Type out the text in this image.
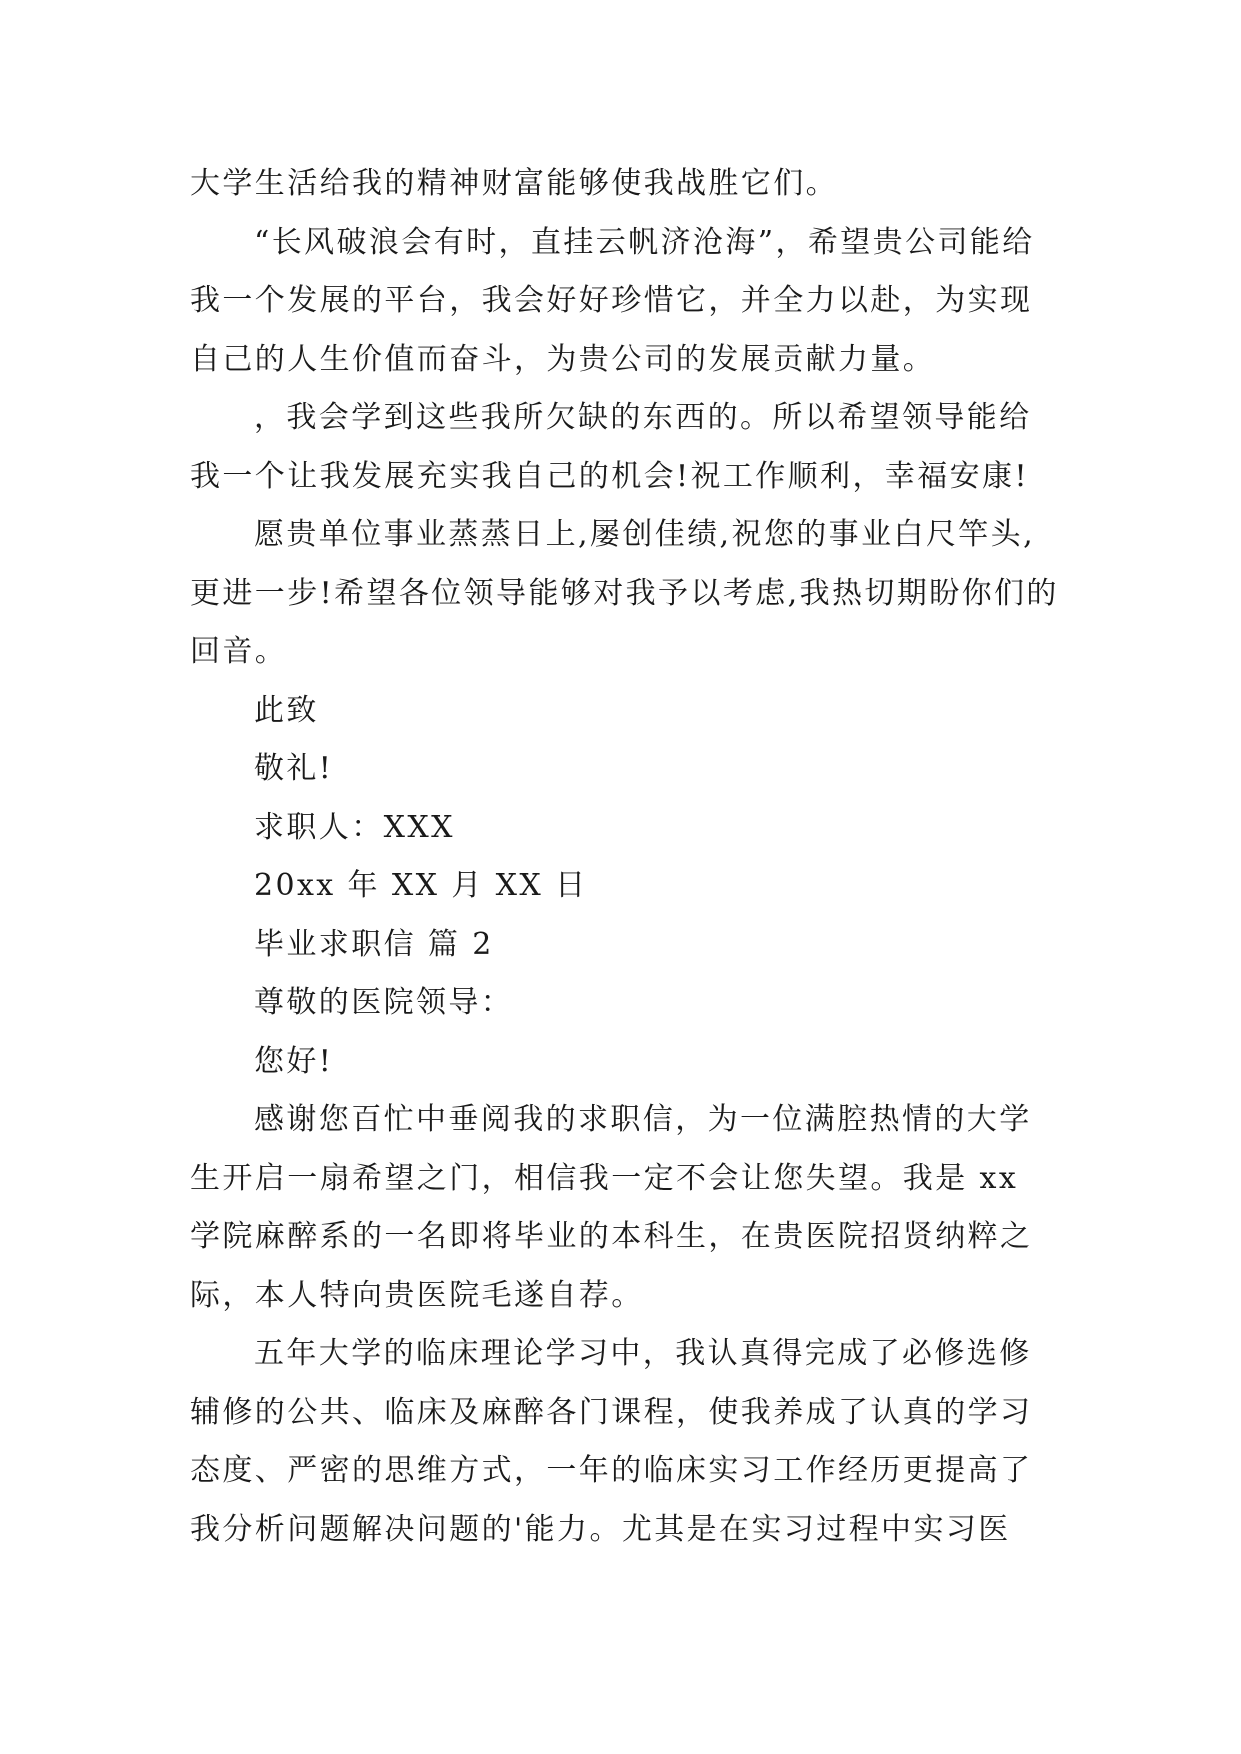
大学生活给我的精神财富能够使我战胜它们。

“长风破浪会有时，直挂云帆济沧海”，希望贵公司能给我一个发展的平台，我会好好珍惜它，并全力以赴，为实现自己的人生价值而奋斗，为贵公司的发展贡献力量。

，我会学到这些我所欠缺的东西的。所以希望领导能给我一个让我发展充实我自己的机会!祝工作顺利，幸福安康!

愿贵单位事业蒸蒸日上,屡创佳绩,祝您的事业白尺竿头,更进一步!希望各位领导能够对我予以考虑,我热切期盼你们的回音。

此致

敬礼!

求职人：XXX

20xx 年 XX 月 XX 日

毕业求职信 篇 2

尊敬的医院领导：

您好!

感谢您百忙中垂阅我的求职信，为一位满腔热情的大学生开启一扇希望之门，相信我一定不会让您失望。我是 xx 学院麻醉系的一名即将毕业的本科生，在贵医院招贤纳粹之际，本人特向贵医院毛遂自荐。

五年大学的临床理论学习中，我认真得完成了必修选修辅修的公共、临床及麻醉各门课程，使我养成了认真的学习态度、严密的思维方式，一年的临床实习工作经历更提高了我分析问题解决问题的'能力。尤其是在实习过程中实习医
